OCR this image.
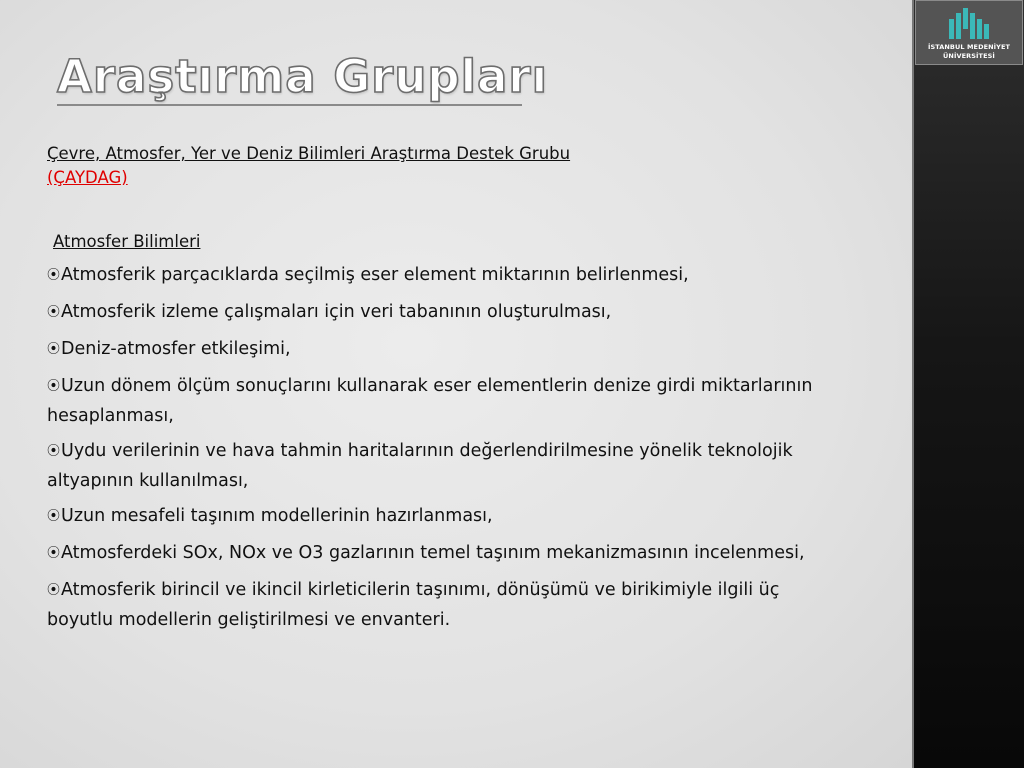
İSTANBUL MEDENİYET
ÜNİVERSİTESİ
Araştırma Grupları
Çevre, Atmosfer, Yer ve Deniz Bilimleri Araştırma Destek Grubu
(ÇAYDAG)
Atmosfer Bilimleri
⦿Atmosferik parçacıklarda seçilmiş eser element miktarının belirlenmesi,
⦿Atmosferik izleme çalışmaları için veri tabanının oluşturulması,
⦿Deniz-atmosfer etkileşimi,
⦿Uzun dönem ölçüm sonuçlarını kullanarak eser elementlerin denize girdi miktarlarının hesaplanması,
⦿Uydu verilerinin ve hava tahmin haritalarının değerlendirilmesine yönelik teknolojik altyapının kullanılması,
⦿Uzun mesafeli taşınım modellerinin hazırlanması,
⦿Atmosferdeki SOx, NOx ve O3 gazlarının temel taşınım mekanizmasının incelenmesi,
⦿Atmosferik birincil ve ikincil kirleticilerin taşınımı, dönüşümü ve birikimiyle ilgili üç boyutlu modellerin geliştirilmesi ve envanteri.
